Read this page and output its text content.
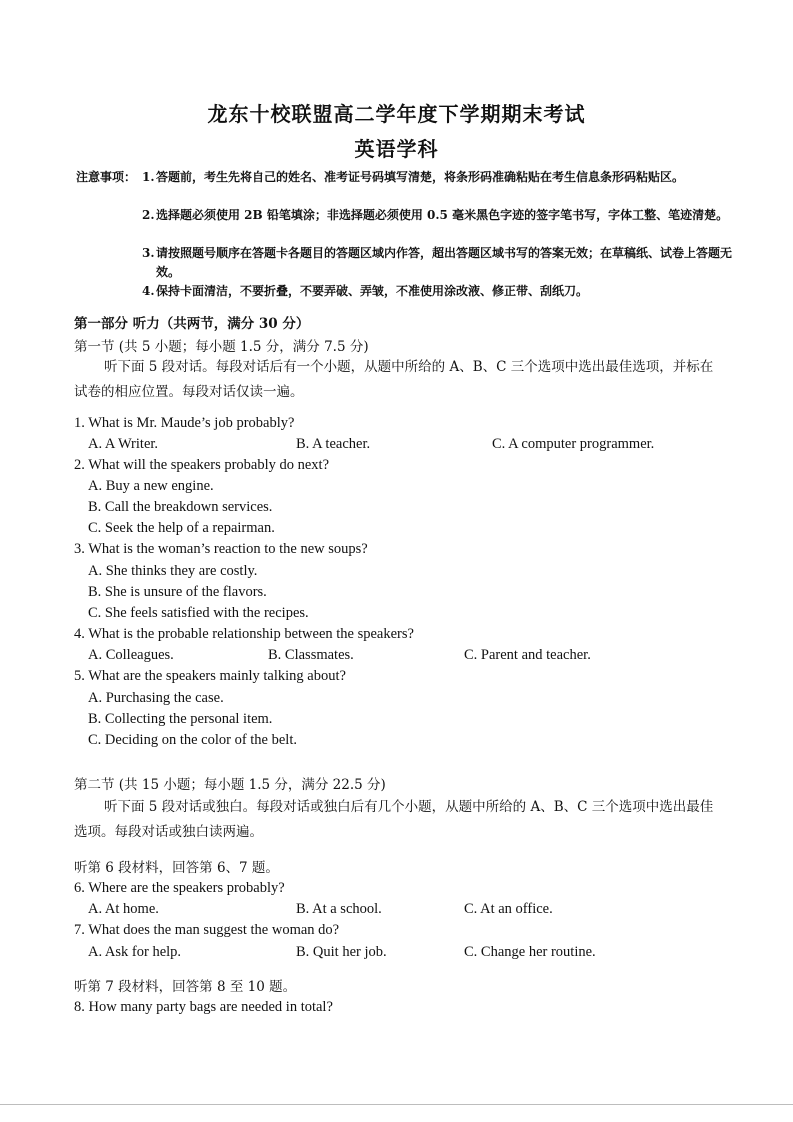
龙东十校联盟高二学年度下学期期末考试
英语学科
注意事项： 1. 答题前，考生先将自己的姓名、准考证号码填写清楚，将条形码准确粘贴在考生信息条形码粘贴区。
2. 选择题必须使用 2B 铅笔填涂；非选择题必须使用 0.5 毫米黑色字迹的签字笔书写，字体工整、笔迹清楚。
3. 请按照题号顺序在答题卡各题目的答题区域内作答，超出答题区域书写的答案无效；在草稿纸、试卷上答题无效。
4. 保持卡面清洁，不要折叠，不要弄破、弄皱，不准使用涂改液、修正带、刮纸刀。
第一部分 听力（共两节，满分 30 分）
第一节 (共 5 小题；每小题 1.5 分，满分 7.5 分)
听下面 5 段对话。每段对话后有一个小题，从题中所给的 A、B、C 三个选项中选出最佳选项，并标在试卷的相应位置。每段对话仅读一遍。
1. What is Mr. Maude’s job probably?
A. A Writer.	B. A teacher.	C. A computer programmer.
2. What will the speakers probably do next?
A. Buy a new engine.
B. Call the breakdown services.
C. Seek the help of a repairman.
3. What is the woman’s reaction to the new soups?
A. She thinks they are costly.
B. She is unsure of the flavors.
C. She feels satisfied with the recipes.
4. What is the probable relationship between the speakers?
A. Colleagues.	B. Classmates.	C. Parent and teacher.
5. What are the speakers mainly talking about?
A. Purchasing the case.
B. Collecting the personal item.
C. Deciding on the color of the belt.
第二节 (共 15 小题；每小题 1.5 分，满分 22.5 分)
听下面 5 段对话或独白。每段对话或独白后有几个小题，从题中所给的 A、B、C 三个选项中选出最佳选项。每段对话或独白读两遍。
听第 6 段材料，回答第 6、7 题。
6. Where are the speakers probably?
A. At home.	B. At a school.	C. At an office.
7. What does the man suggest the woman do?
A. Ask for help.	B. Quit her job.	C. Change her routine.
听第 7 段材料，回答第 8 至 10 题。
8. How many party bags are needed in total?
